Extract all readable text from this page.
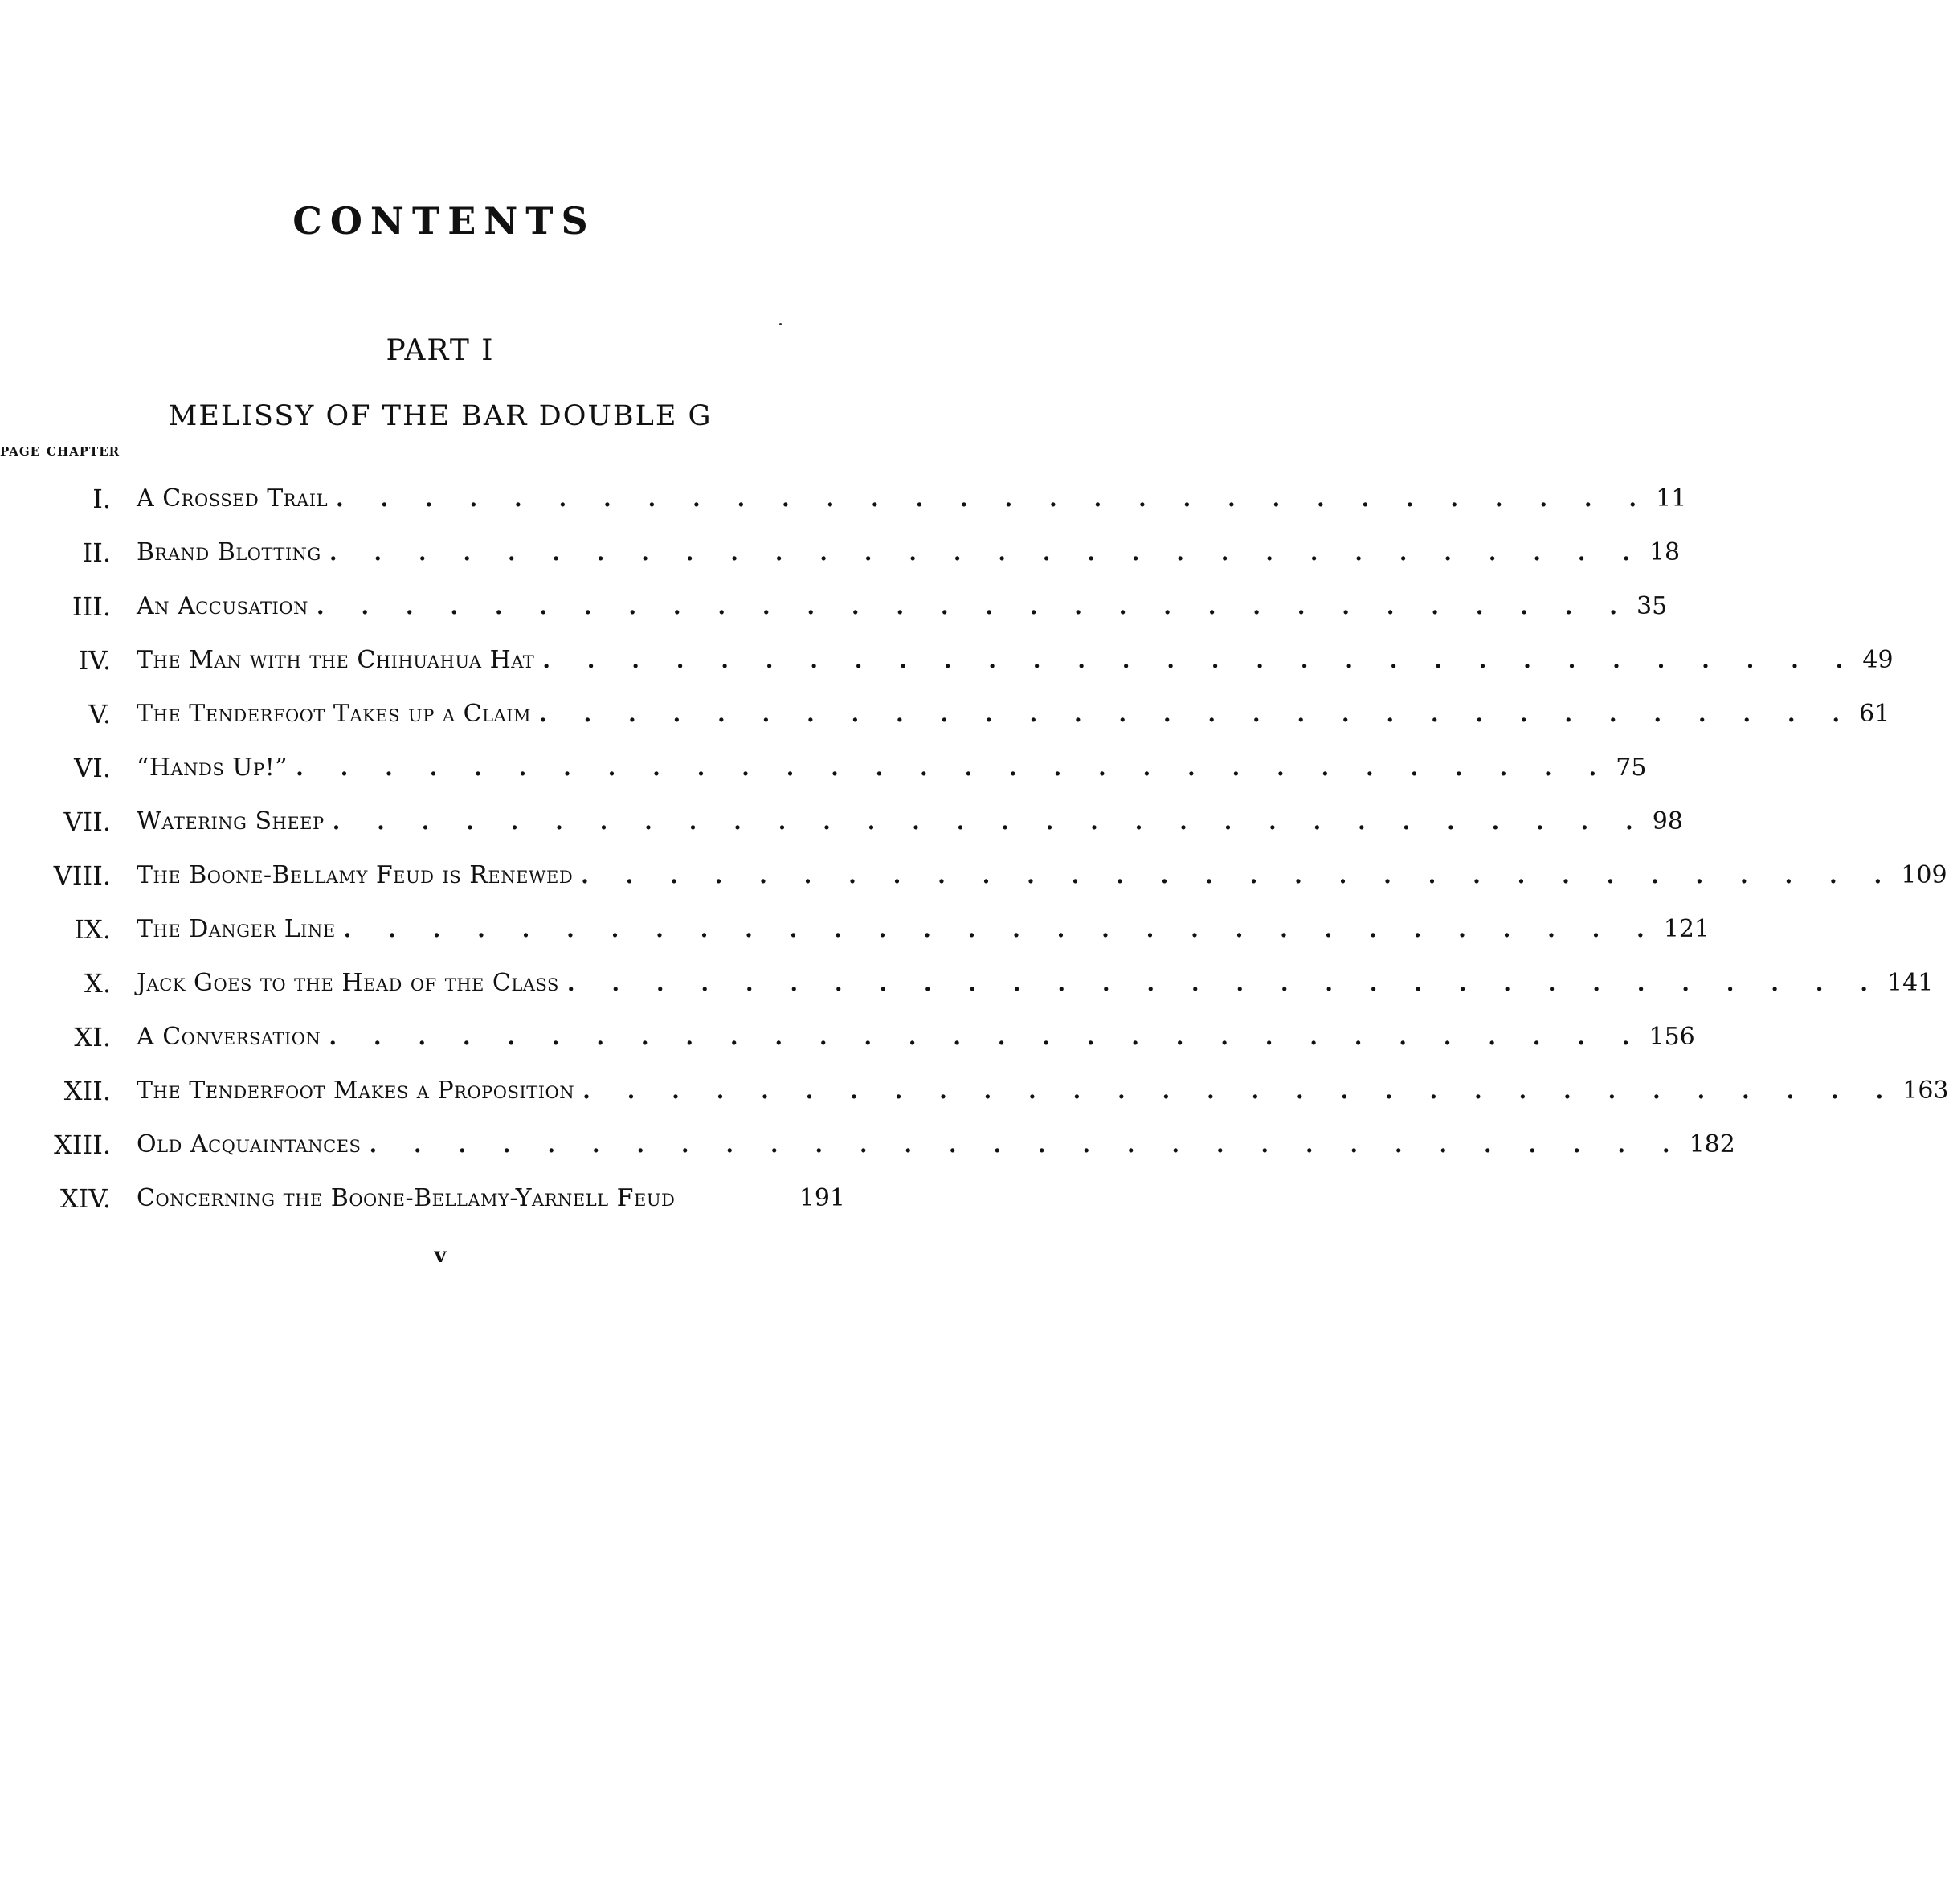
CONTENTS
PART I
MELISSY OF THE BAR DOUBLE G
CHAPTER
PAGE
I. A Crossed Trail . . . . . . . . . . . . . . . . . . . . . . . . . . . . . . 11
II. Brand Blotting . . . . . . . . . . . . . . . . . . . . . . . . . . . . . . 18
III. An Accusation . . . . . . . . . . . . . . . . . . . . . . . . . . . . . . 35
IV. The Man with the Chihuahua Hat . . . . . . . . . . . . . . . . . . . . . . . . . . . . . . 49
V. The Tenderfoot Takes up a Claim . . . . . . . . . . . . . . . . . . . . . . . . . . . . . . 61
VI. “Hands Up!” . . . . . . . . . . . . . . . . . . . . . . . . . . . . . . 75
VII. Watering Sheep . . . . . . . . . . . . . . . . . . . . . . . . . . . . . . 98
VIII. The Boone-Bellamy Feud is Renewed . . . . . . . . . . . . . . . . . . . . . . . . . . . . . . 109
IX. The Danger Line . . . . . . . . . . . . . . . . . . . . . . . . . . . . . . 121
X. Jack Goes to the Head of the Class . . . . . . . . . . . . . . . . . . . . . . . . . . . . . . 141
XI. A Conversation . . . . . . . . . . . . . . . . . . . . . . . . . . . . . . 156
XII. The Tenderfoot Makes a Proposition . . . . . . . . . . . . . . . . . . . . . . . . . . . . . . 163
XIII. Old Acquaintances . . . . . . . . . . . . . . . . . . . . . . . . . . . . . . 182
XIV. Concerning the Boone-Bellamy-Yarnell Feud	191
v
